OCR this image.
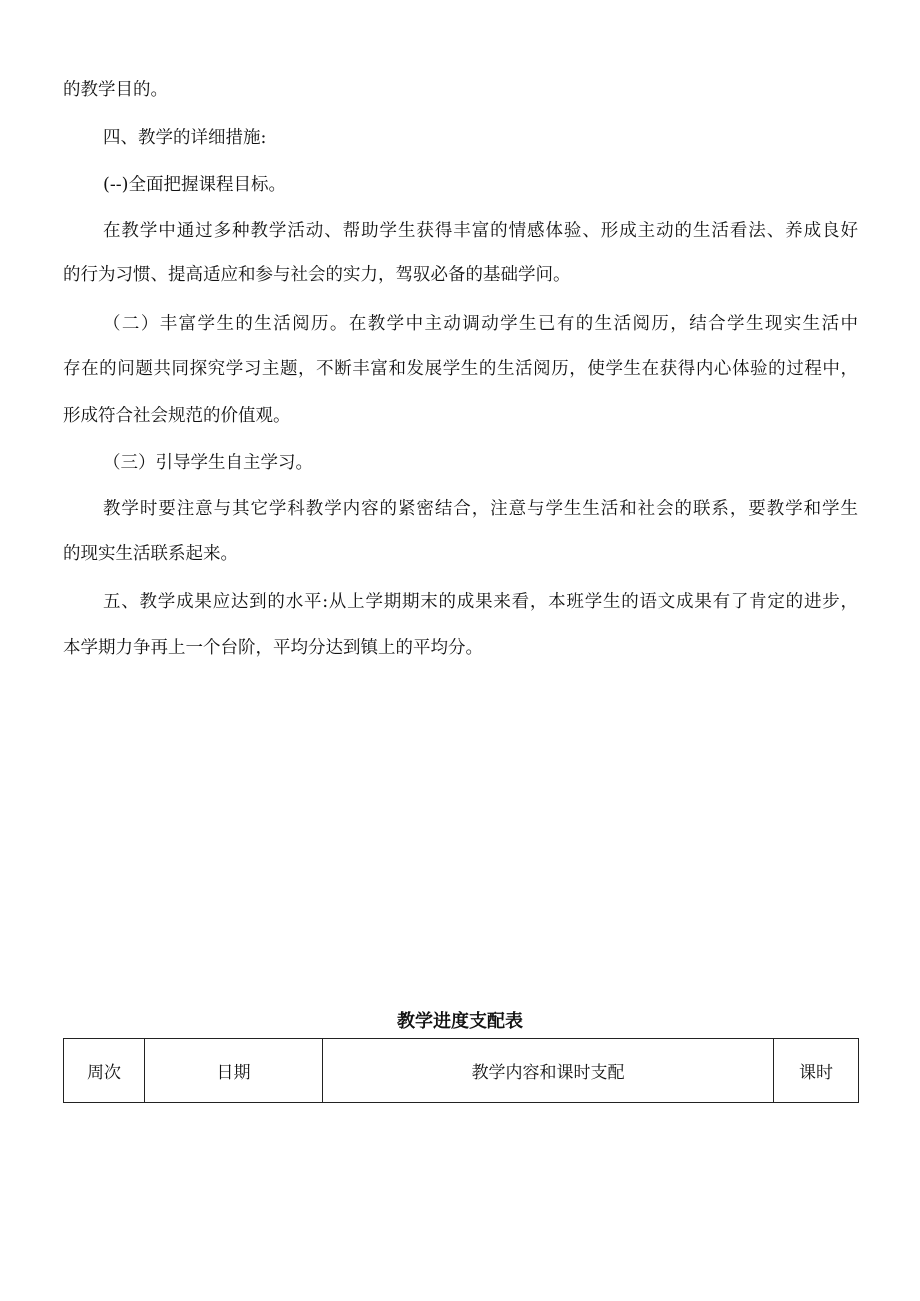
的教学目的。

四、教学的详细措施:

(--)全面把握课程目标。

在教学中通过多种教学活动、帮助学生获得丰富的情感体验、形成主动的生活看法、养成良好

的行为习惯、提高适应和参与社会的实力，驾驭必备的基础学问。

（二）丰富学生的生活阅历。在教学中主动调动学生已有的生活阅历，结合学生现实生活中

存在的问题共同探究学习主题，不断丰富和发展学生的生活阅历，使学生在获得内心体验的过程中，

形成符合社会规范的价值观。

（三）引导学生自主学习。

教学时要注意与其它学科教学内容的紧密结合，注意与学生生活和社会的联系，要教学和学生

的现实生活联系起来。

五、教学成果应达到的水平:从上学期期末的成果来看，本班学生的语文成果有了肯定的进步，

本学期力争再上一个台阶，平均分达到镇上的平均分。

教学进度支配表

周次	日期	教学内容和课时支配	课时
